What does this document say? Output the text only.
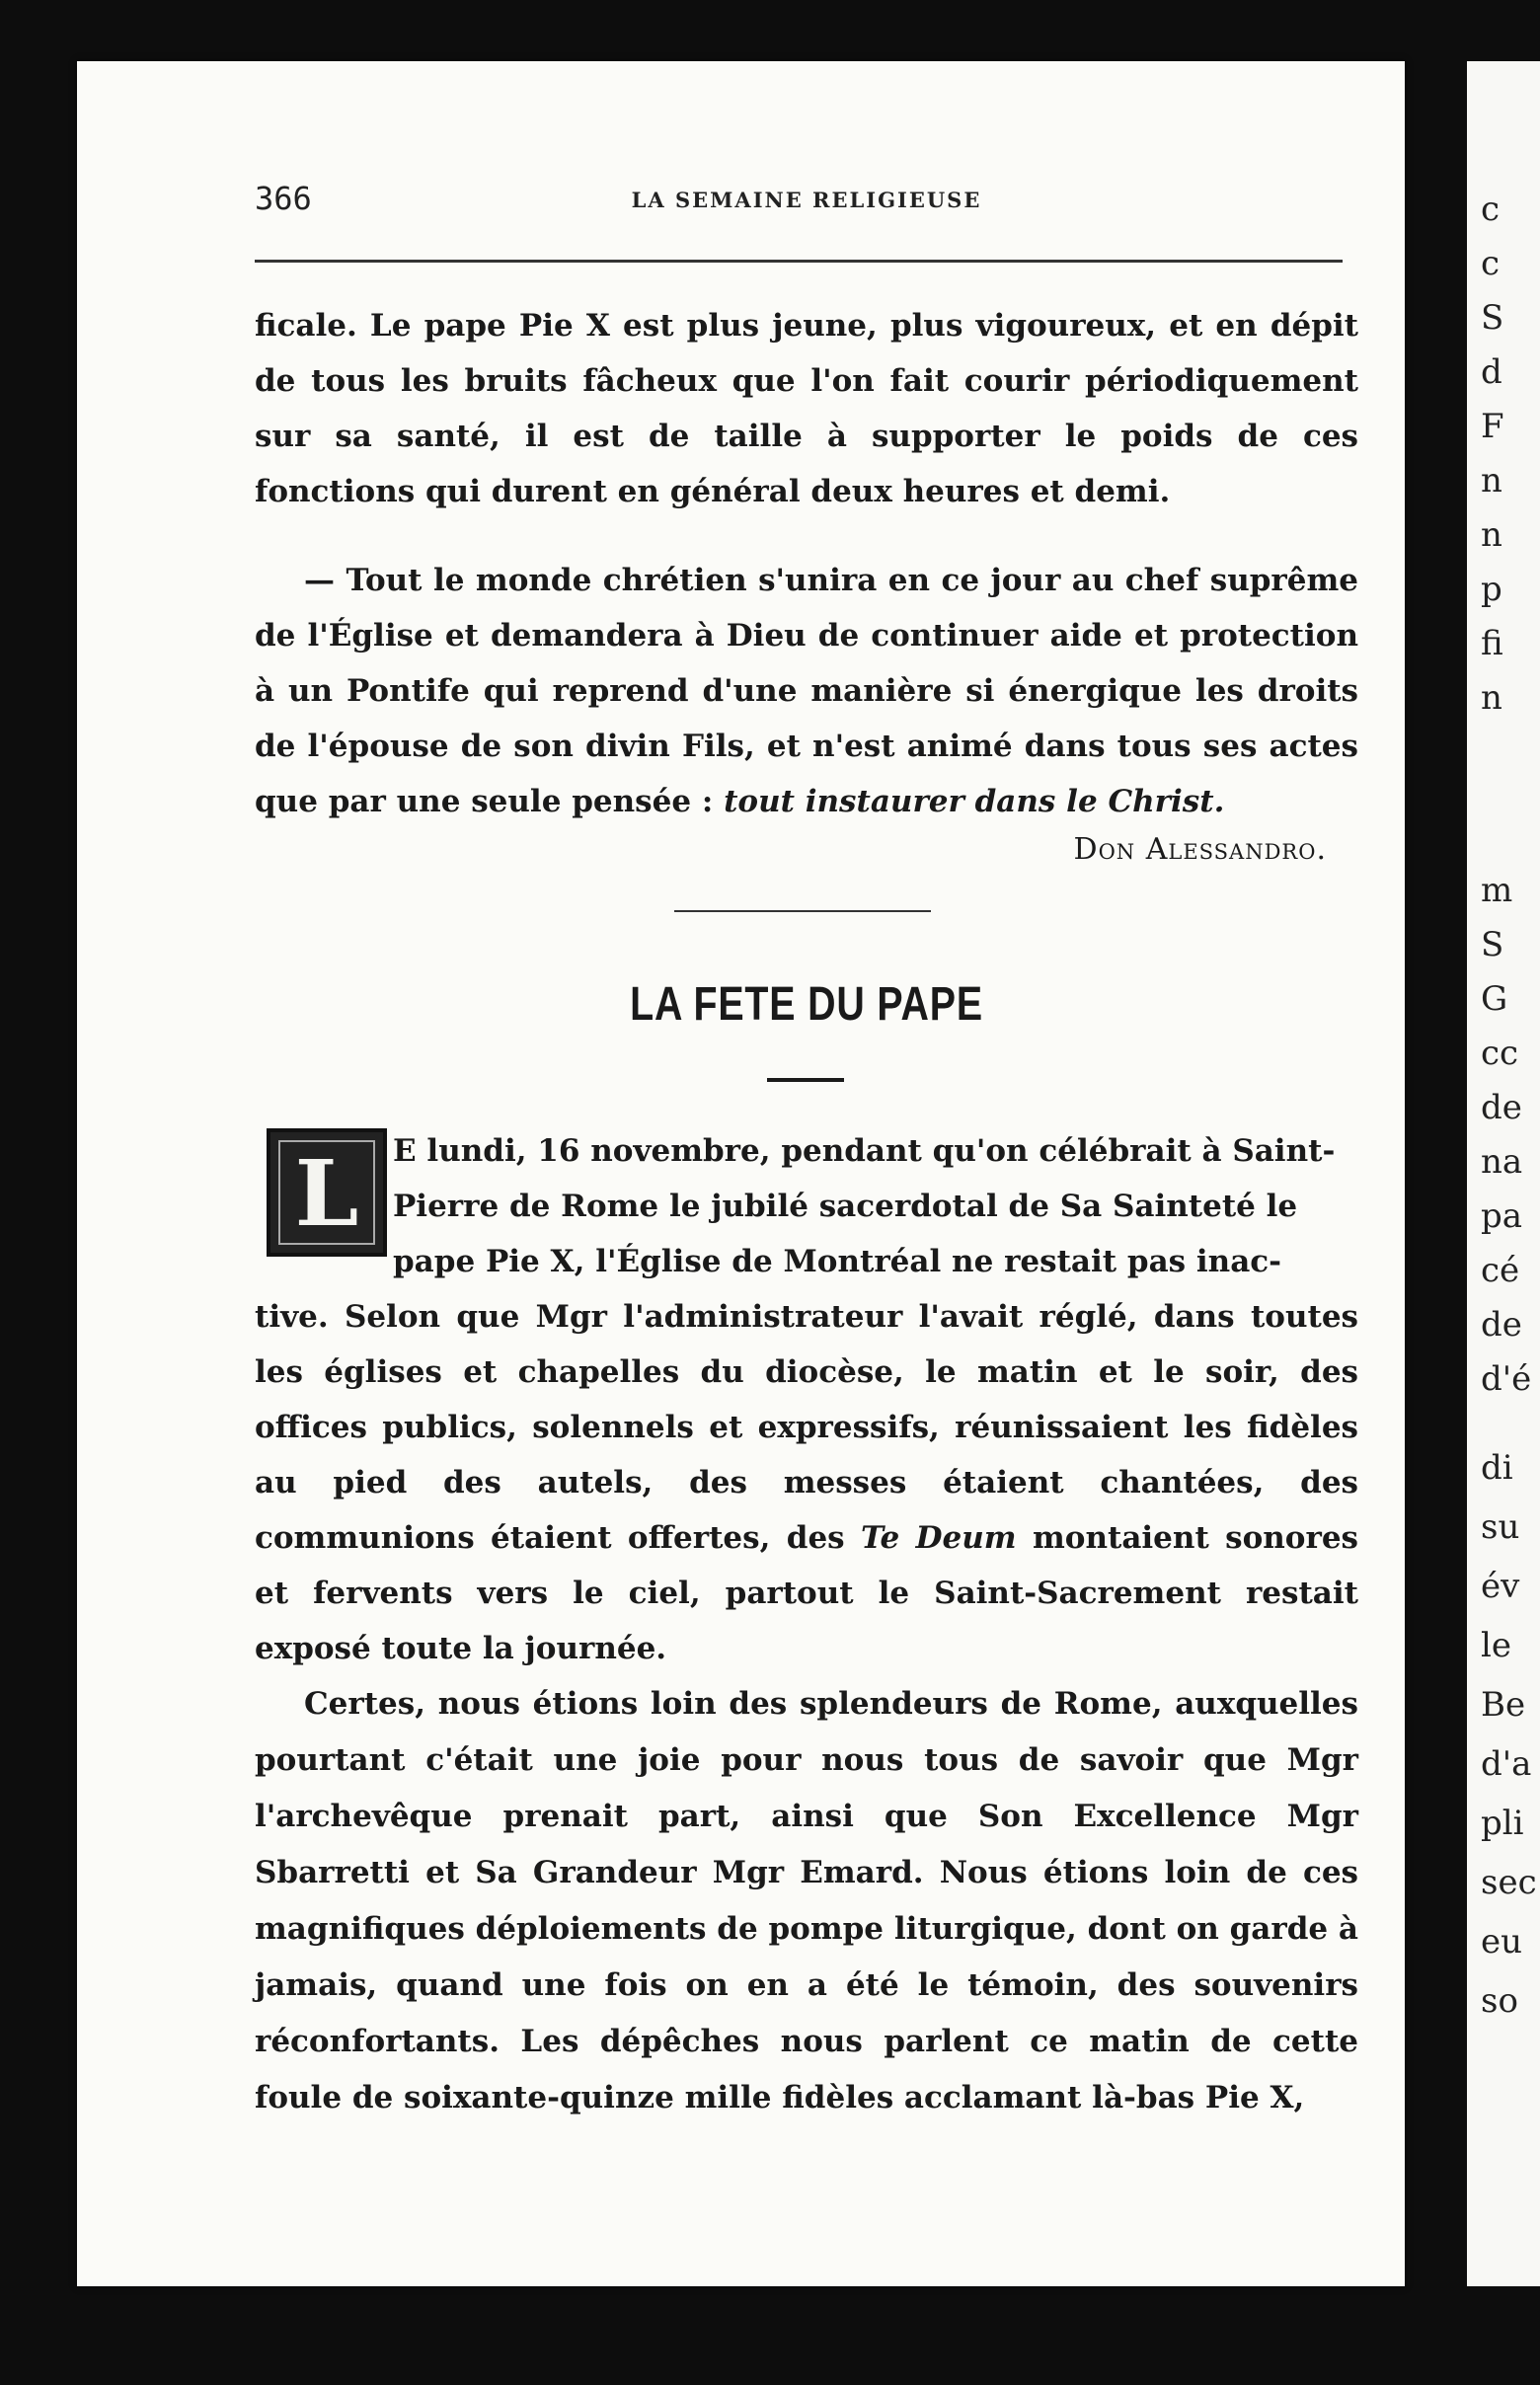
c
c
S
d
F
n
n
p
fi
n
m
S
G
cc
de
na
pa
cé
de
d'é
di
su
év
le
Be
d'a
pli
sec
eu
so
366	LA SEMAINE RELIGIEUSE
ficale. Le pape Pie X est plus jeune, plus vigoureux, et en dépit de tous les bruits fâcheux que l'on fait courir périodiquement sur sa santé, il est de taille à supporter le poids de ces fonctions qui durent en général deux heures et demi.
— Tout le monde chrétien s'unira en ce jour au chef suprême de l'Église et demandera à Dieu de continuer aide et protection à un Pontife qui reprend d'une manière si énergique les droits de l'épouse de son divin Fils, et n'est animé dans tous ses actes que par une seule pensée : tout instaurer dans le Christ.
Don Alessandro.
LA FETE DU PAPE
L	E lundi, 16 novembre, pendant qu'on célébrait à Saint-
Pierre de Rome le jubilé sacerdotal de Sa Sainteté le
pape Pie X, l'Église de Montréal ne restait pas inac-

tive. Selon que Mgr l'administrateur l'avait réglé, dans toutes les églises et chapelles du diocèse, le matin et le soir, des offices publics, solennels et expressifs, réunissaient les fidèles au pied des autels, des messes étaient chantées, des communions étaient offertes, des Te Deum montaient sonores et fervents vers le ciel, partout le Saint-Sacrement restait exposé toute la journée.

Certes, nous étions loin des splendeurs de Rome, auxquelles pourtant c'était une joie pour nous tous de savoir que Mgr l'archevêque prenait part, ainsi que Son Excellence Mgr Sbarretti et Sa Grandeur Mgr Emard. Nous étions loin de ces magnifiques déploiements de pompe liturgique, dont on garde à jamais, quand une fois on en a été le témoin, des souvenirs réconfortants. Les dépêches nous parlent ce matin de cette foule de soixante-quinze mille fidèles acclamant là-bas Pie X,
